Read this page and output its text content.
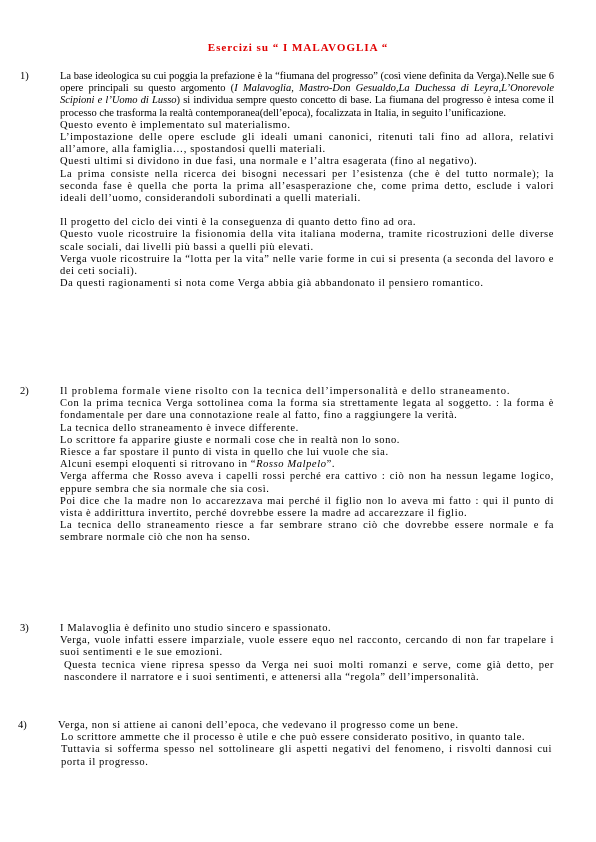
Esercizi su “ I MALAVOGLIA “
1)	La base ideologica su cui poggia la prefazione è la “fiumana del progresso” (così viene definita da Verga).Nelle sue 6 opere principali su questo argomento (I Malavoglia, Mastro-Don Gesualdo,La Duchessa di Leyra,L’Onorevole Scipioni e l’Uomo di Lusso) si individua sempre questo concetto di base. La fiumana del progresso è intesa come il processo che trasforma la realtà contemporanea(dell’epoca), focalizzata in Italia, in seguito l’unificazione.
Questo evento è implementato sul materialismo.
L’impostazione delle opere esclude gli ideali umani canonici, ritenuti tali fino ad allora, relativi all’amore, alla famiglia…, spostandosi quelli materiali.
Questi ultimi si dividono in due fasi, una normale e l’altra esagerata (fino al negativo).
La prima consiste nella ricerca dei bisogni necessari per l’esistenza (che è del tutto normale); la seconda fase è quella che porta la prima all’esasperazione che, come prima detto, esclude i valori ideali dell’uomo, considerandoli subordinati a quelli materiali.
Il progetto del ciclo dei vinti è la conseguenza di quanto detto fino ad ora.
Questo vuole ricostruire la fisionomia della vita italiana moderna, tramite ricostruzioni delle diverse scale sociali, dai livelli più bassi a quelli più elevati.
Verga vuole ricostruire la “lotta per la vita” nelle varie forme in cui si presenta (a seconda del lavoro e dei ceti sociali).
Da questi ragionamenti si nota come Verga abbia già abbandonato il pensiero romantico.
2)	Il problema formale viene risolto con la tecnica dell’impersonalità e dello straneamento.
Con la prima tecnica Verga sottolinea coma la forma sia strettamente legata al soggetto. : la forma è fondamentale per dare una connotazione reale al fatto, fino a raggiungere la verità.
La tecnica dello straneamento è invece differente.
Lo scrittore fa apparire giuste e normali cose che in realtà non lo sono.
Riesce a far spostare il punto di vista in quello che lui vuole che sia.
Alcuni esempi eloquenti si ritrovano in “Rosso Malpelo”.
Verga afferma che Rosso aveva i capelli rossi perché era cattivo : ciò non ha nessun legame logico, eppure sembra che sia normale che sia così.
Poi dice che la madre non lo accarezzava mai perché il figlio non lo aveva mi fatto : qui il punto di vista è addirittura invertito, perché dovrebbe essere la madre ad accarezzare il figlio.
La tecnica dello straneamento riesce a far sembrare strano ciò che dovrebbe essere normale e fa sembrare normale ciò che non ha senso.
3)	I Malavoglia è definito uno studio sincero e spassionato.
Verga, vuole infatti essere imparziale, vuole essere equo nel racconto, cercando di non far trapelare i suoi sentimenti e le sue emozioni.
Questa tecnica viene ripresa spesso da Verga nei suoi molti romanzi e serve, come già detto, per nascondere il narratore e i suoi sentimenti, e attenersi alla “regola” dell’impersonalità.
4)	Verga, non si attiene ai canoni dell’epoca, che vedevano il progresso come un bene.
Lo scrittore ammette che il processo è utile e che può essere considerato positivo, in quanto tale.
Tuttavia si sofferma spesso nel sottolineare gli aspetti negativi del fenomeno, i risvolti dannosi cui porta il progresso.
